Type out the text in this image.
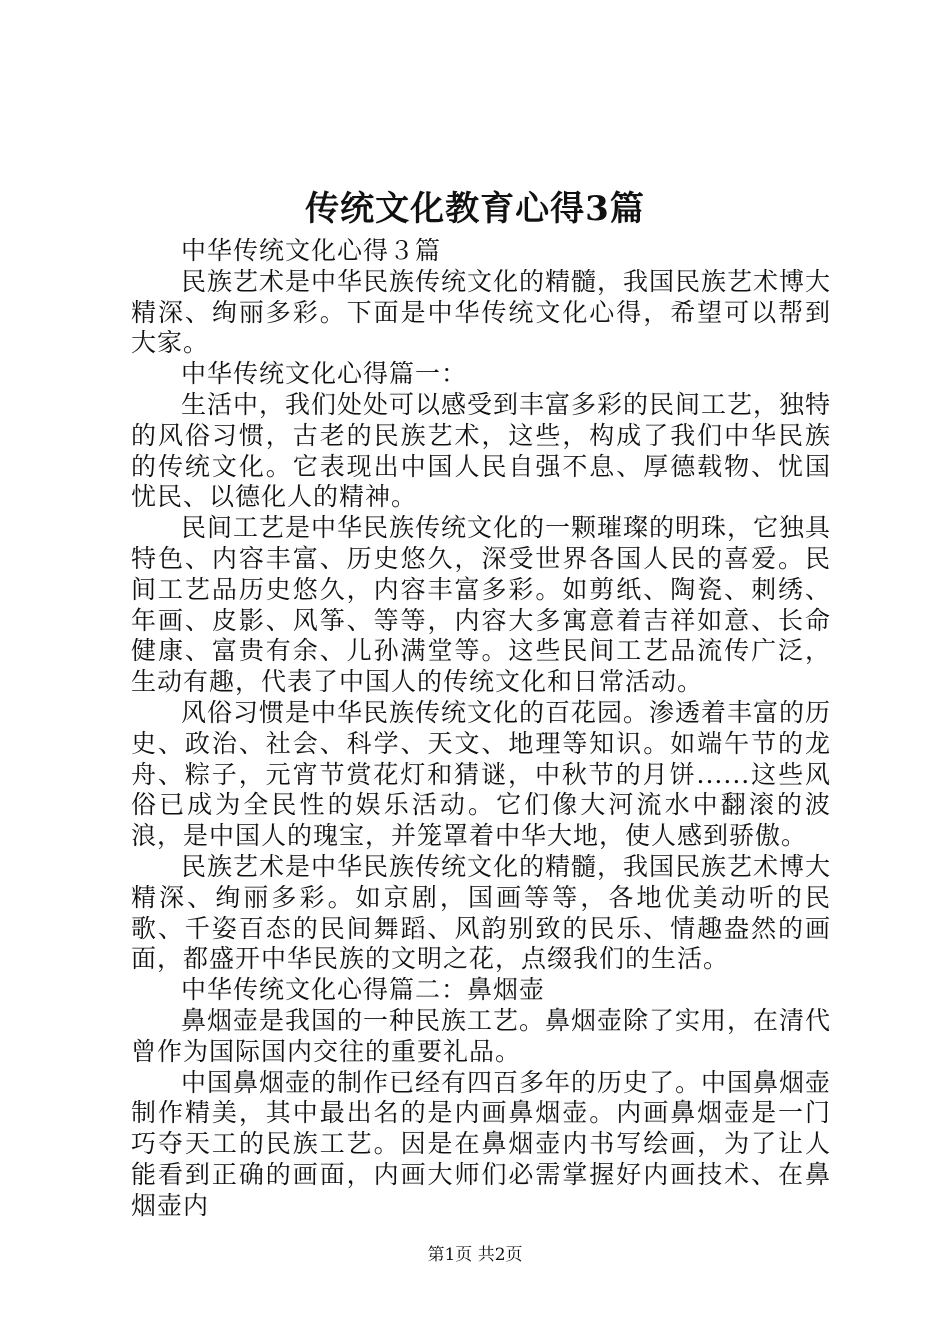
传统文化教育心得3篇

中华传统文化心得３篇

民族艺术是中华民族传统文化的精髓，我国民族艺术博大精深、绚丽多彩。下面是中华传统文化心得，希望可以帮到大家。

中华传统文化心得篇一：

生活中，我们处处可以感受到丰富多彩的民间工艺，独特的风俗习惯，古老的民族艺术，这些，构成了我们中华民族的传统文化。它表现出中国人民自强不息、厚德载物、忧国忧民、以德化人的精神。

民间工艺是中华民族传统文化的一颗璀璨的明珠，它独具特色、内容丰富、历史悠久，深受世界各国人民的喜爱。民间工艺品历史悠久，内容丰富多彩。如剪纸、陶瓷、刺绣、年画、皮影、风筝、等等，内容大多寓意着吉祥如意、长命健康、富贵有余、儿孙满堂等。这些民间工艺品流传广泛，生动有趣，代表了中国人的传统文化和日常活动。

风俗习惯是中华民族传统文化的百花园。渗透着丰富的历史、政治、社会、科学、天文、地理等知识。如端午节的龙舟、粽子，元宵节赏花灯和猜谜，中秋节的月饼......这些风俗已成为全民性的娱乐活动。它们像大河流水中翻滚的波浪，是中国人的瑰宝，并笼罩着中华大地，使人感到骄傲。

民族艺术是中华民族传统文化的精髓，我国民族艺术博大精深、绚丽多彩。如京剧，国画等等，各地优美动听的民歌、千姿百态的民间舞蹈、风韵别致的民乐、情趣盎然的画面，都盛开中华民族的文明之花，点缀我们的生活。

中华传统文化心得篇二：鼻烟壶

鼻烟壶是我国的一种民族工艺。鼻烟壶除了实用，在清代曾作为国际国内交往的重要礼品。

中国鼻烟壶的制作已经有四百多年的历史了。中国鼻烟壶制作精美，其中最出名的是内画鼻烟壶。内画鼻烟壶是一门巧夺天工的民族工艺。因是在鼻烟壶内书写绘画，为了让人能看到正确的画面，内画大师们必需掌握好内画技术、在鼻烟壶内

第1页 共2页
